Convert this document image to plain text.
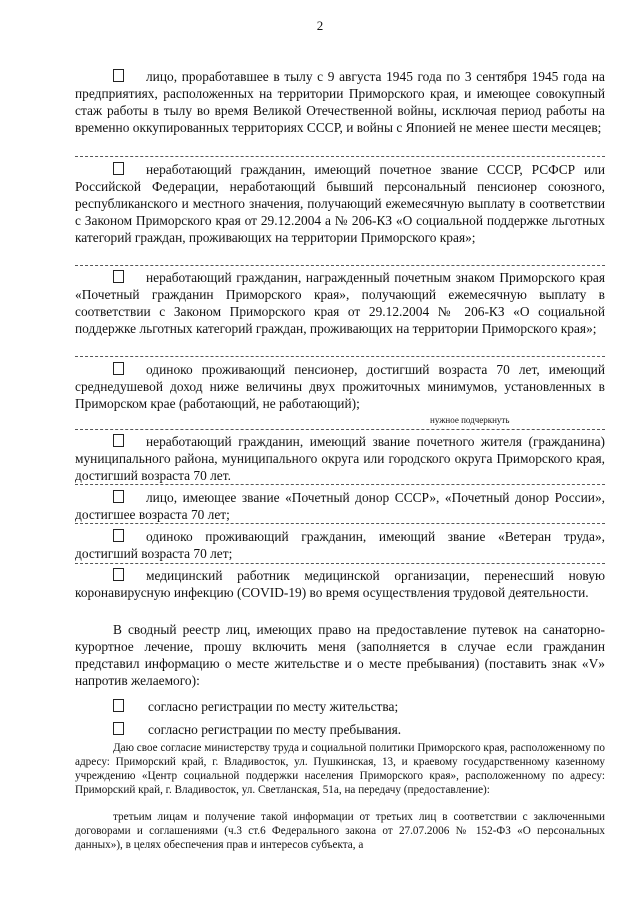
2
лицо, проработавшее в тылу с 9 августа 1945 года по 3 сентября 1945 года на предприятиях, расположенных на территории Приморского края, и имеющее совокупный стаж работы в тылу во время Великой Отечественной войны, исключая период работы на временно оккупированных территориях СССР, и войны с Японией не менее шести месяцев;
неработающий гражданин, имеющий почетное звание СССР, РСФСР или Российской Федерации, неработающий бывший персональный пенсионер союзного, республиканского и местного значения, получающий ежемесячную выплату в соответствии с Законом Приморского края от 29.12.2004 а № 206-КЗ «О социальной поддержке льготных категорий граждан, проживающих на территории Приморского края»;
неработающий гражданин, награжденный почетным знаком Приморского края «Почетный гражданин Приморского края», получающий ежемесячную выплату в соответствии с Законом Приморского края от 29.12.2004 № 206-КЗ «О социальной поддержке льготных категорий граждан, проживающих на территории Приморского края»;
одиноко проживающий пенсионер, достигший возраста 70 лет, имеющий среднедушевой доход ниже величины двух прожиточных минимумов, установленных в Приморском крае (работающий, не работающий);
нужное подчеркнуть
неработающий гражданин, имеющий звание почетного жителя (гражданина) муниципального района, муниципального округа или городского округа Приморского края, достигший возраста 70 лет.
лицо, имеющее звание «Почетный донор СССР», «Почетный донор России», достигшее возраста 70 лет;
одиноко проживающий гражданин, имеющий звание «Ветеран труда», достигший возраста 70 лет;
медицинский работник медицинской организации, перенесший новую коронавирусную инфекцию (COVID-19) во время осуществления трудовой деятельности.
В сводный реестр лиц, имеющих право на предоставление путевок на санаторно-курортное лечение, прошу включить меня (заполняется в случае если гражданин представил информацию о месте жительстве и о месте пребывания) (поставить знак «V» напротив желаемого):
согласно регистрации по месту жительства;
согласно регистрации по месту пребывания.
Даю свое согласие министерству труда и социальной политики Приморского края, расположенному по адресу: Приморский край, г. Владивосток, ул. Пушкинская, 13, и краевому государственному казенному учреждению «Центр социальной поддержки населения Приморского края», расположенному по адресу: Приморский край, г. Владивосток, ул. Светланская, 51а, на передачу (предоставление):
третьим лицам и получение такой информации от третьих лиц в соответствии с заключенными договорами и соглашениями (ч.3 ст.6 Федерального закона от 27.07.2006 № 152-ФЗ «О персональных данных»), в целях обеспечения прав и интересов субъекта, а
